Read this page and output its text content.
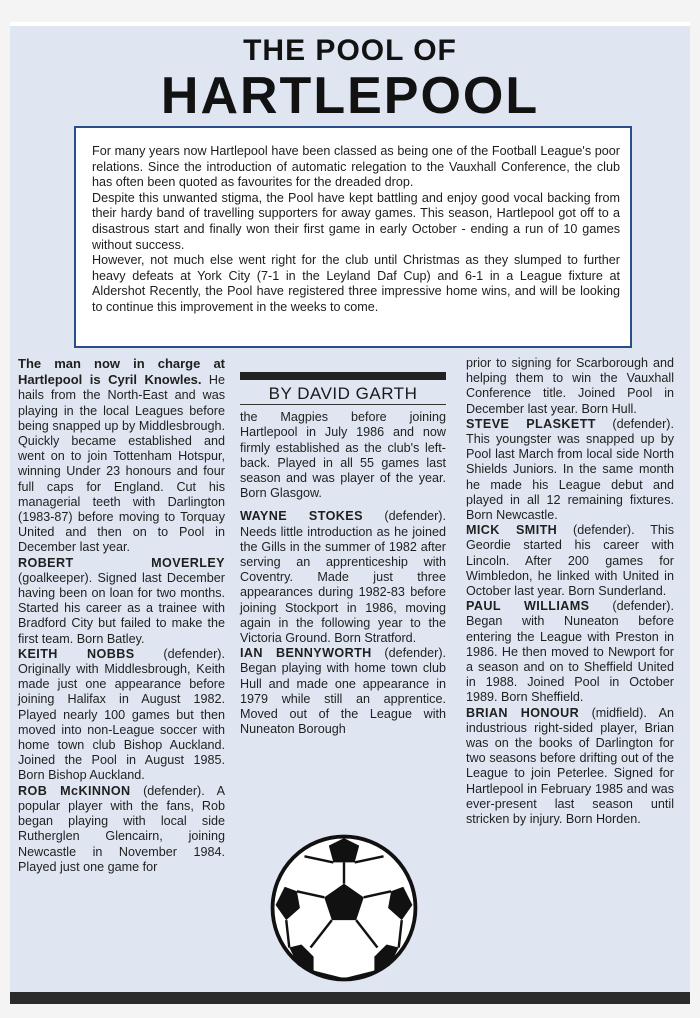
THE POOL OF
HARTLEPOOL

For many years now Hartlepool have been classed as being one of the Football League's poor relations. Since the introduction of automatic relegation to the Vauxhall Conference, the club has often been quoted as favourites for the dreaded drop.

Despite this unwanted stigma, the Pool have kept battling and enjoy good vocal backing from their hardy band of travelling supporters for away games. This season, Hartlepool got off to a disastrous start and finally won their first game in early October - ending a run of 10 games without success.

However, not much else went right for the club until Christmas as they slumped to further heavy defeats at York City (7-1 in the Leyland Daf Cup) and 6-1 in a League fixture at Aldershot Recently, the Pool have registered three impressive home wins, and will be looking to continue this improvement in the weeks to come.

The man now in charge at Hartlepool is Cyril Knowles. He hails from the North-East and was playing in the local Leagues before being snapped up by Middlesbrough. Quickly became established and went on to join Tottenham Hotspur, winning Under 23 honours and four full caps for England. Cut his managerial teeth with Darlington (1983-87) before moving to Torquay United and then on to Pool in December last year.

ROBERT MOVERLEY (goalkeeper). Signed last December having been on loan for two months. Started his career as a trainee with Bradford City but failed to make the first team. Born Batley.

KEITH NOBBS (defender). Originally with Middlesbrough, Keith made just one appearance before joining Halifax in August 1982. Played nearly 100 games but then moved into non-League soccer with home town club Bishop Auckland. Joined the Pool in August 1985. Born Bishop Auckland.

ROB McKINNON (defender). A popular player with the fans, Rob began playing with local side Rutherglen Glencairn, joining Newcastle in November 1984. Played just one game for

BY DAVID GARTH

the Magpies before joining Hartlepool in July 1986 and now firmly established as the club's left-back. Played in all 55 games last season and was player of the year. Born Glasgow.

WAYNE STOKES (defender). Needs little introduction as he joined the Gills in the summer of 1982 after serving an apprenticeship with Coventry. Made just three appearances during 1982-83 before joining Stockport in 1986, moving again in the following year to the Victoria Ground. Born Stratford.

IAN BENNYWORTH (defender). Began playing with home town club Hull and made one appearance in 1979 while still an apprentice. Moved out of the League with Nuneaton Borough

prior to signing for Scarborough and helping them to win the Vauxhall Conference title. Joined Pool in December last year. Born Hull.

STEVE PLASKETT (defender). This youngster was snapped up by Pool last March from local side North Shields Juniors. In the same month he made his League debut and played in all 12 remaining fixtures. Born Newcastle.

MICK SMITH (defender). This Geordie started his career with Lincoln. After 200 games for Wimbledon, he linked with United in October last year. Born Sunderland.

PAUL WILLIAMS (defender). Began with Nuneaton before entering the League with Preston in 1986. He then moved to Newport for a season and on to Sheffield United in 1988. Joined Pool in October 1989. Born Sheffield.

BRIAN HONOUR (midfield). An industrious right-sided player, Brian was on the books of Darlington for two seasons before drifting out of the League to join Peterlee. Signed for Hartlepool in February 1985 and was ever-present last season until stricken by injury. Born Horden.
